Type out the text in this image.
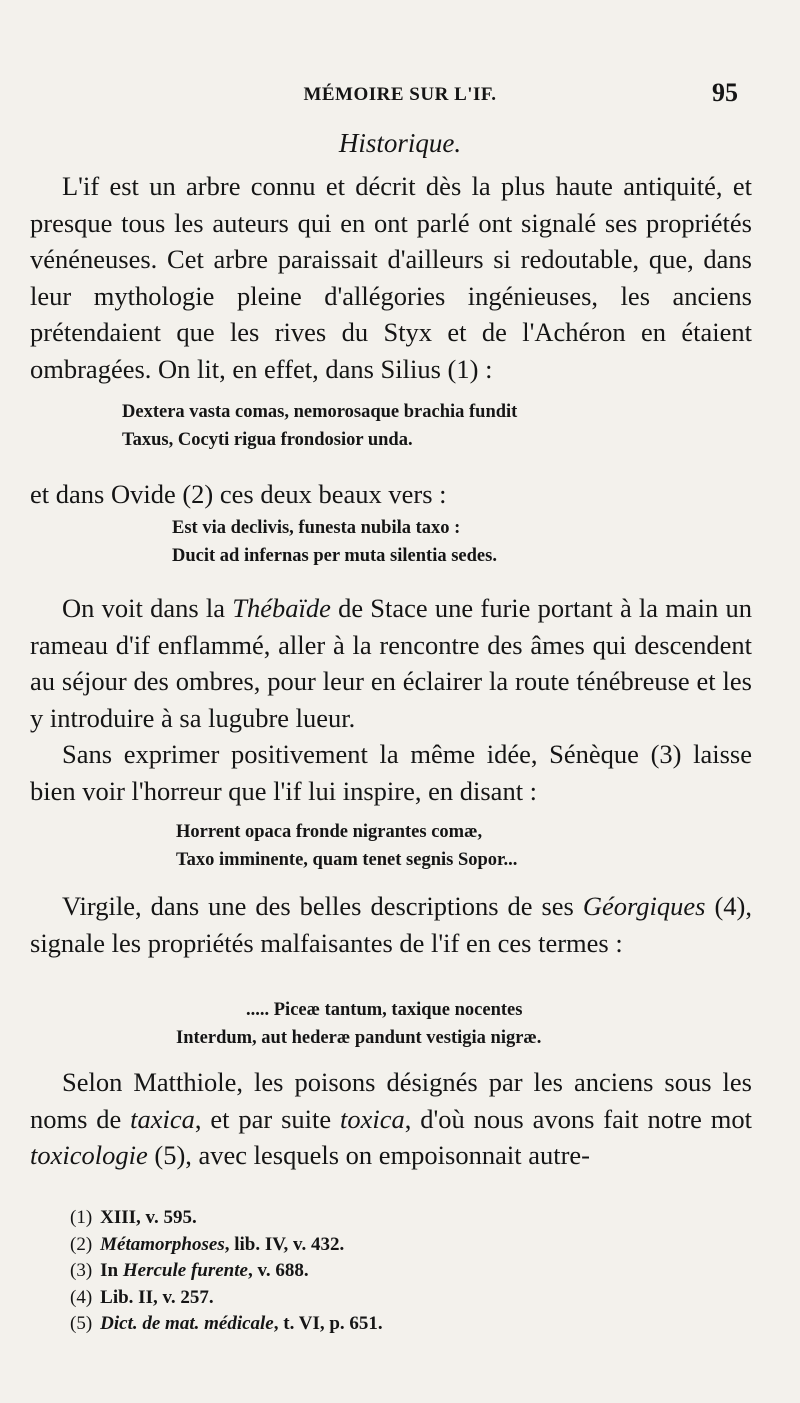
MÉMOIRE SUR L'IF.	95
Historique.

L'if est un arbre connu et décrit dès la plus haute antiquité, et presque tous les auteurs qui en ont parlé ont signalé ses propriétés vénéneuses. Cet arbre paraissait d'ailleurs si redoutable, que, dans leur mythologie pleine d'allégories ingénieuses, les anciens prétendaient que les rives du Styx et de l'Achéron en étaient ombragées. On lit, en effet, dans Silius (1) :

Dextera vasta comas, nemorosaque brachia fundit
Taxus, Cocyti rigua frondosior unda.

et dans Ovide (2) ces deux beaux vers :

Est via declivis, funesta nubila taxo :
Ducit ad infernas per muta silentia sedes.

On voit dans la Thébaïde de Stace une furie portant à la main un rameau d'if enflammé, aller à la rencontre des âmes qui descendent au séjour des ombres, pour leur en éclairer la route ténébreuse et les y introduire à sa lugubre lueur.

Sans exprimer positivement la même idée, Sénèque (3) laisse bien voir l'horreur que l'if lui inspire, en disant :

Horrent opaca fronde nigrantes comæ,
Taxo imminente, quam tenet segnis Sopor...

Virgile, dans une des belles descriptions de ses Géorgiques (4), signale les propriétés malfaisantes de l'if en ces termes :

..... Piceæ tantum, taxique nocentes
Interdum, aut hederæ pandunt vestigia nigræ.

Selon Matthiole, les poisons désignés par les anciens sous les noms de taxica, et par suite toxica, d'où nous avons fait notre mot toxicologie (5), avec lesquels on empoisonnait autre-

(1) XIII, v. 595.
(2) Métamorphoses, lib. IV, v. 432.
(3) In Hercule furente, v. 688.
(4) Lib. II, v. 257.
(5) Dict. de mat. médicale, t. VI, p. 651.
